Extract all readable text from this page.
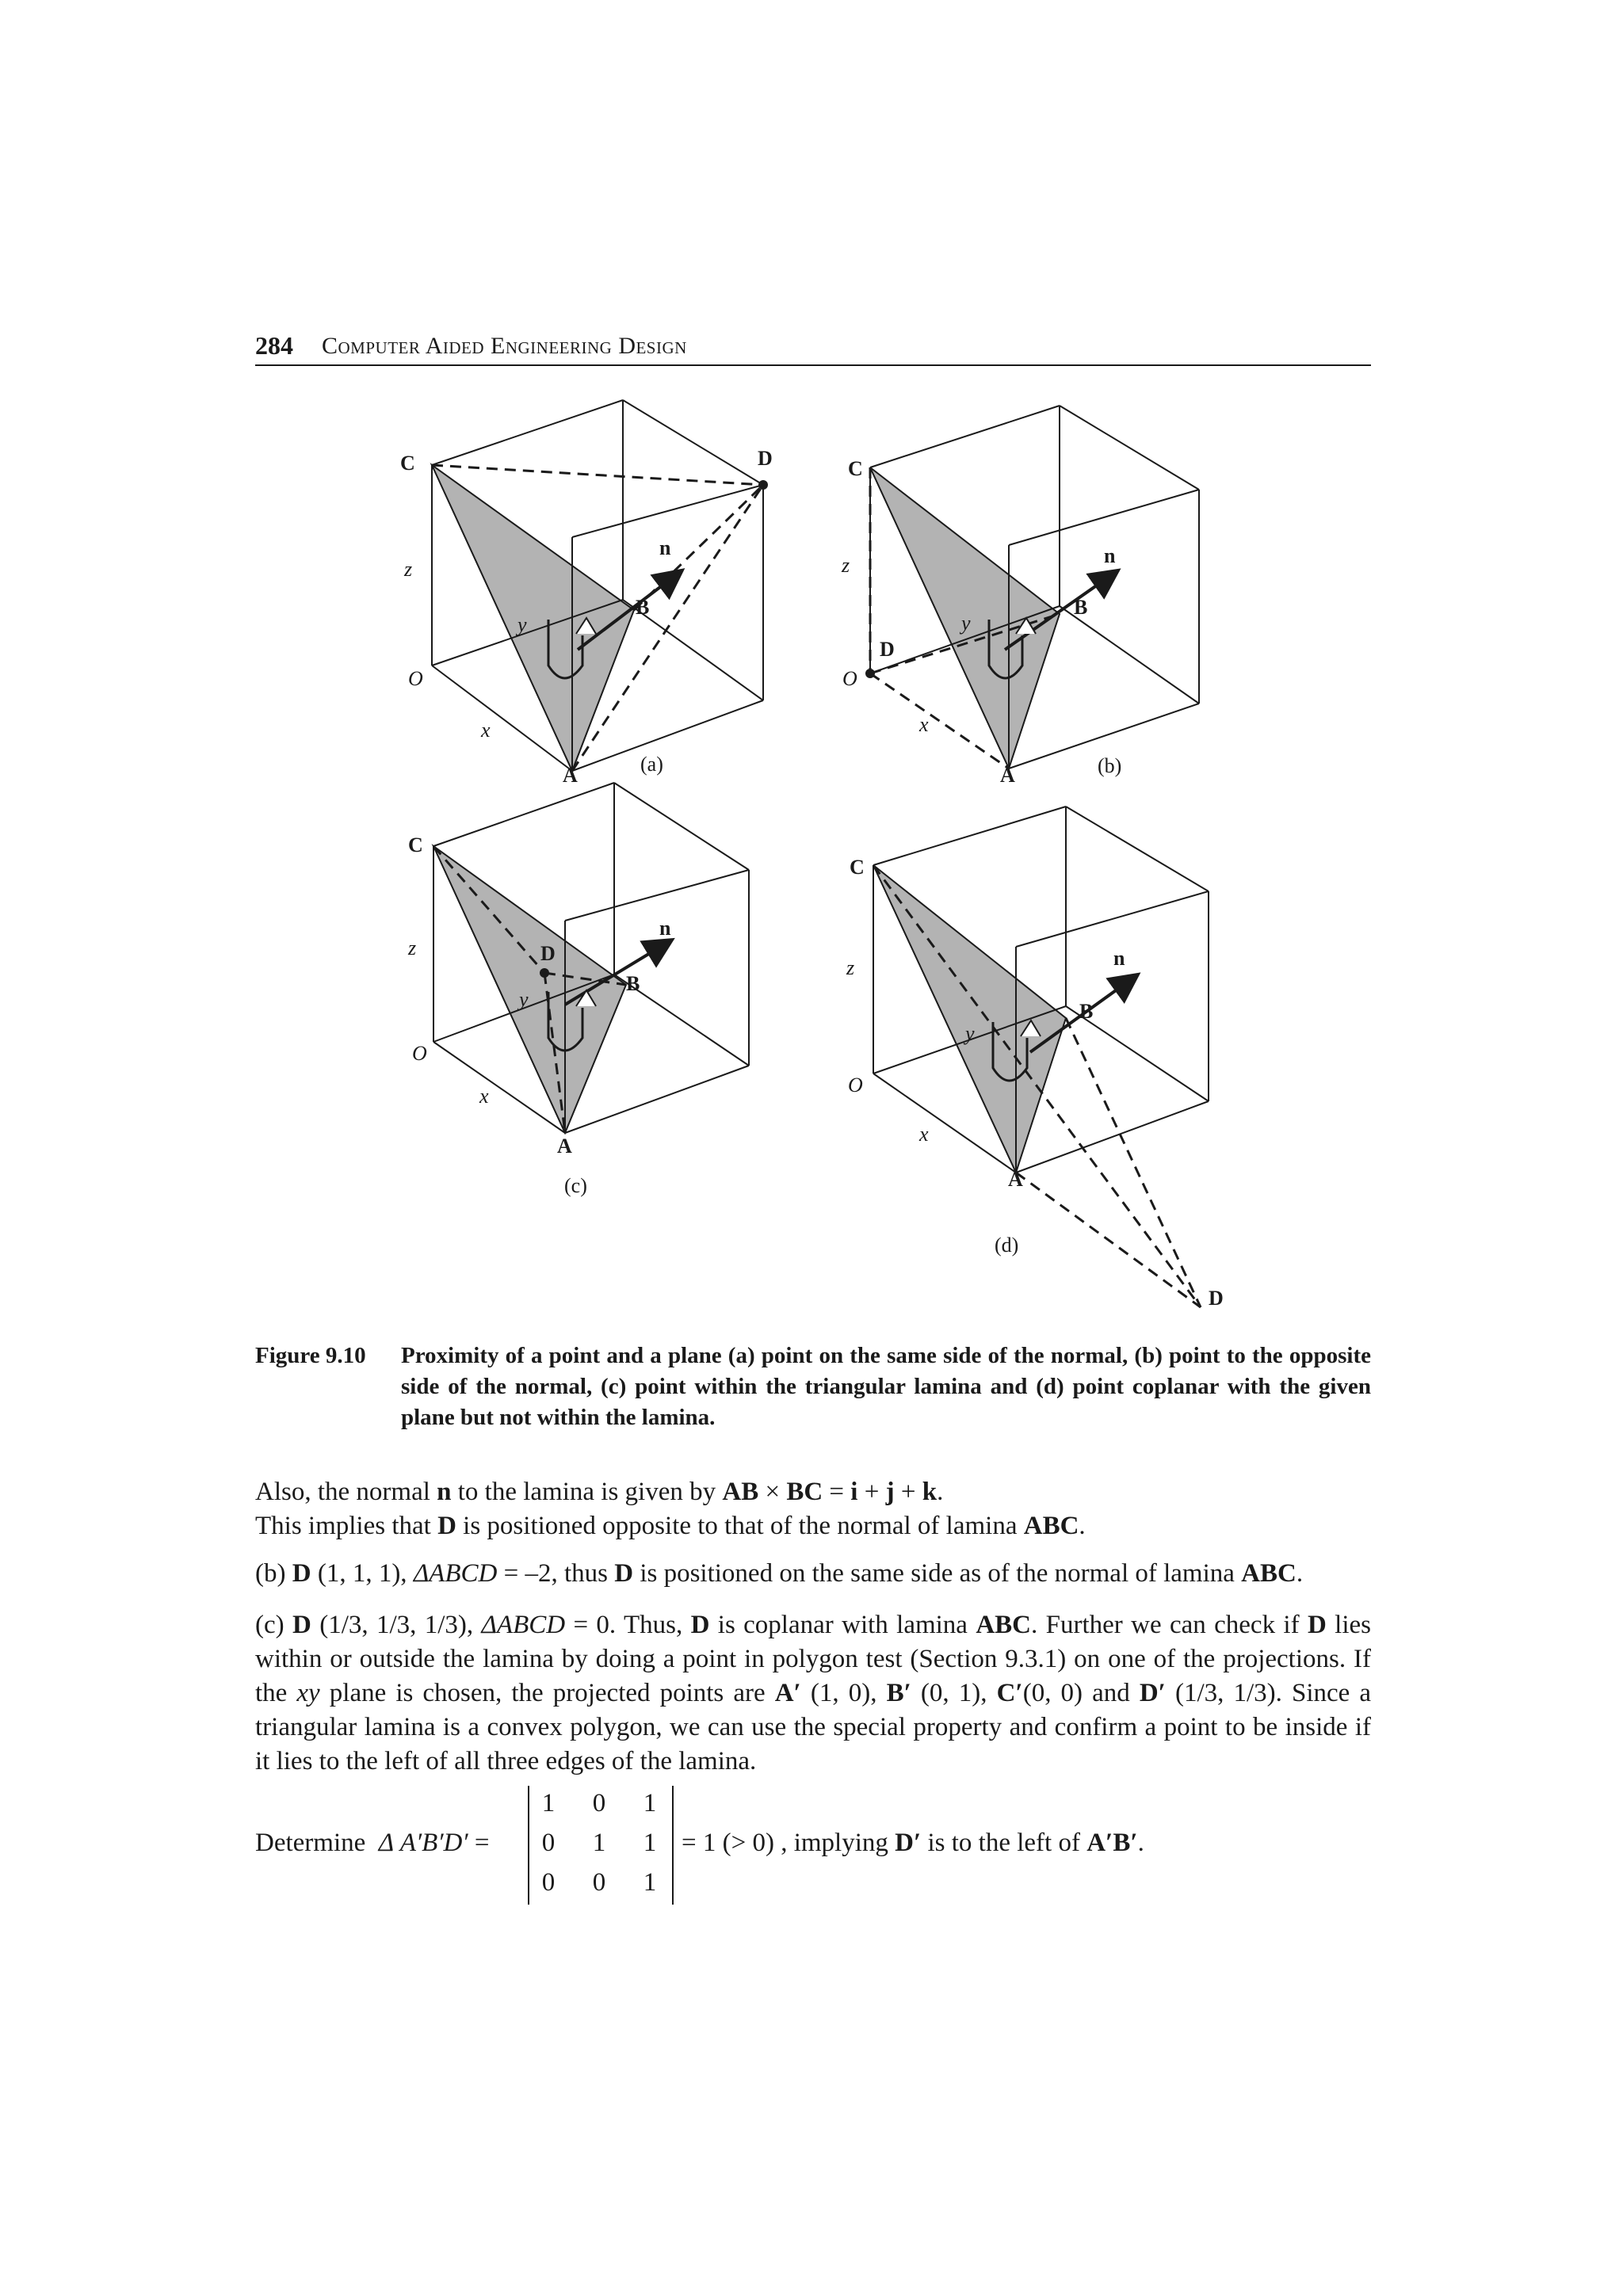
284 Computer Aided Engineering Design
C	D
n
B
z
y
O
x
A	(a)
C
n
B
D
z
y
O
x
A	(b)
C
n
D
B
z
y
O
x
A
(c)
C
n
B
z
y
O
x
A
(d)
D
Figure 9.10 Proximity of a point and a plane (a) point on the same side of the normal, (b) point to the opposite side of the normal, (c) point within the triangular lamina and (d) point coplanar with the given plane but not within the lamina.
Also, the normal n to the lamina is given by AB × BC = i + j + k.
This implies that D is positioned opposite to that of the normal of lamina ABC.
(b) D (1, 1, 1), ΔABCD = –2, thus D is positioned on the same side as of the normal of lamina ABC.
(c) D (1/3, 1/3, 1/3), ΔABCD = 0. Thus, D is coplanar with lamina ABC. Further we can check if D lies within or outside the lamina by doing a point in polygon test (Section 9.3.1) on one of the projections. If the xy plane is chosen, the projected points are A′ (1, 0), B′ (0, 1), C′(0, 0) and D′ (1/3, 1/3). Since a triangular lamina is a convex polygon, we can use the special property and confirm a point to be inside if it lies to the left of all three edges of the lamina.
Determine Δ A′B′D′ =
1	0	1
0	1	1
0	0	1
= 1 (> 0) , implying D′ is to the left of A′B′.
